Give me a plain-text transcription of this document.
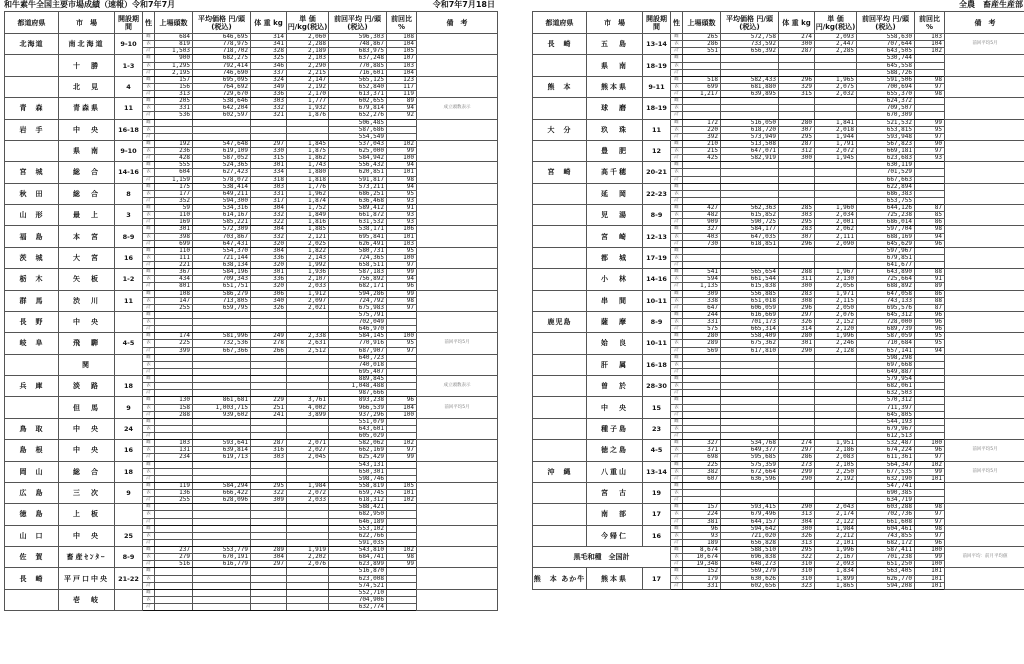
和牛素牛全国主要市場成績（速報）令和7年7月	令和7年7月18日
都道府県	市　場	開設期間	性	上場頭数	平均価格 円/頭(税込)	体 重 kg	単 価 円/kg(税込)	前回平均 円/頭(税込)	前回比 %	備　考
北海道	南北海道	9-10	雌	684	646,695	314	2,060	596,303	108	
			去	819	778,975	341	2,288	748,867	104	
			計	1,503	718,702	328	2,189	683,975	105	
	十　勝	1-3	雌	900	682,275	325	2,103	637,248	107	
			去	1,295	792,414	346	2,290	770,885	103	
			計	2,195	746,690	337	2,215	716,601	104	
	北　見	4	雌	157	695,095	324	2,147	565,125	123	
			去	156	764,692	349	2,192	652,840	117	
			計	313	729,670	336	2,170	613,371	119	
青　森	青森県	11	雌	205	538,646	303	1,777	602,655	89	成立頭数表示
			去	331	642,204	332	1,932	679,814	94	
			計	536	602,597	321	1,876	652,276	92	
岩　手	中　央	16-18	雌					506,485		
			去					587,686		
			計					554,549		
	県　南	9-10	雌	192	547,648	297	1,845	537,043	102	
			去	236	619,109	330	1,875	625,000	99	
			計	428	587,052	315	1,862	584,942	100	
宮　城	総　合	14-16	雌	555	524,365	301	1,743	556,432	94	
			去	604	627,423	334	1,880	620,851	101	
			計	1,159	578,072	318	1,818	591,817	98	
秋　田	総　合	8	雌	175	538,414	303	1,776	573,211	94	
			去	177	649,211	331	1,962	686,251	95	
			計	352	594,300	317	1,874	636,468	93	
山　形	最　上	3	雌	59	534,316	304	1,752	589,412	91	
			去	110	614,167	332	1,849	661,872	93	
			計	169	585,221	322	1,816	631,532	93	
福　島	本　宮	8-9	雌	301	572,309	304	1,885	538,171	106	
			去	398	703,867	332	2,121	695,841	101	
			計	699	647,431	320	2,025	626,491	103	
茨　城	大　宮	16	雌	110	554,370	304	1,822	580,731	95	
			去	111	721,144	336	2,143	724,365	100	
			計	221	638,134	320	1,992	658,511	97	
栃　木	矢　板	1-2	雌	367	584,196	301	1,936	587,183	99	
			去	434	709,343	336	2,107	756,892	94	
			計	801	651,751	320	2,033	682,171	96	
群　馬	渋　川	11	雌	108	586,279	306	1,912	594,286	99	
			去	147	713,805	340	2,097	724,792	98	
			計	255	659,795	326	2,021	675,983	97	
長　野	中　央		雌					575,791		
			去					702,049		
			計					646,970		
岐　阜	飛　騨	4-5	雌	174	581,996	249	2,338	584,145	100	前回平均5月
			去	225	732,536	278	2,631	770,916	95	
			計	399	667,366	266	2,512	687,907	97	
	関		雌					640,723		
			去					740,018		
			計					695,407		
兵　庫	淡　路	18	雌					889,845		成立頭数表示
			去					1,048,488		
			計					987,666		
	但　馬	9	雌	130	861,681	229	3,761	893,238	96	前回平均5月
			去	158	1,003,715	251	4,002	966,539	104	
			計	288	939,602	241	3,899	937,296	100	
鳥　取	中　央	24	雌					551,079		
			去					643,601		
			計					605,029		
島　根	中　央	16	雌	103	593,641	287	2,071	582,062	102	
			去	131	639,814	316	2,027	662,169	97	
			計	234	619,713	303	2,045	625,429	99	
岡　山	総　合	18	雌					543,131		
			去					650,301		
			計					598,746		
広　島	三　次	9	雌	119	584,294	295	1,984	558,819	105	
			去	136	666,422	322	2,072	659,745	101	
			計	255	628,096	309	2,033	618,312	102	
徳　島	上　板		雌					588,421		
			去					682,950		
			計					646,189		
山　口	中　央	25	雌					553,102		
			去					622,766		
			計					591,035		
佐　賀	畜産ｾﾝﾀｰ	8-9	雌	237	553,779	289	1,919	543,810	102	
			去	279	670,191	304	2,202	684,741	98	
			計	516	616,779	297	2,076	623,899	99	
長　崎	平戸口中央	21-22	雌					516,870		
			去					623,008		
			計					574,521		
	壱　岐		雌					552,710		
			去					704,906		
			計					632,774		
全農　畜産生産部
都道府県	市　場	開設期間	性	上場頭数	平均価格 円/頭(税込)	体 重 kg	単 価 円/kg(税込)	前回平均 円/頭(税込)	前回比 %	備　考
長　崎	五　島	13-14	雌	265	572,758	274	2,093	558,630	103	前回平均5月
			去	286	733,592	300	2,447	707,644	104	
			計	551	656,392	287	2,285	643,505	102	
	県　南	18-19	雌					530,744		
			去					645,558		
			計					588,726		
熊　本	熊本県	9-11	雌	518	582,433	296	1,965	591,506	98	
			去	699	681,880	329	2,075	700,694	97	
			計	1,217	639,895	315	2,032	655,370	98	
	球　磨	18-19	雌					624,372		
			去					709,507		
			計					670,309		
大　分	玖　珠	11	雌	172	516,050	280	1,841	521,532	99	
			去	220	618,720	307	2,018	653,815	95	
			計	392	573,949	295	1,944	593,948	97	
	豊　肥	12	雌	210	513,508	287	1,791	567,823	90	
			去	215	647,071	312	2,072	669,181	97	
			計	425	582,919	300	1,945	623,683	93	
宮　崎	高千穂	20-21	雌					630,119		
			去					701,529		
			計					667,663		
	延　岡	22-23	雌					622,894		
			去					686,383		
			計					653,755		
	児　湯	8-9	雌	427	562,363	285	1,960	644,126	87	
			去	482	615,852	303	2,034	725,238	85	
			計	909	590,725	295	2,001	686,014	86	
	宮　崎	12-13	雌	327	584,177	283	2,062	597,704	98	
			去	403	647,035	307	2,111	688,169	94	
			計	730	618,851	296	2,090	645,629	96	
	都　城	17-19	雌					597,967		
			去					679,851		
			計					641,677		
	小　林	14-16	雌	541	565,654	288	1,967	643,890	88	
			去	594	661,544	311	2,130	725,664	91	
			計	1,135	615,838	300	2,056	688,892	89	
	串　間	10-11	雌	309	556,885	283	1,971	647,058	86	
			去	338	651,018	308	2,115	743,133	88	
			計	647	606,059	296	2,050	695,576	87	
鹿児島	薩　摩	8-9	雌	244	616,669	297	2,076	645,312	96	
			去	331	701,173	326	2,152	728,000	96	
			計	575	665,314	314	2,120	689,739	96	
	姶　良	10-11	雌	280	558,409	280	1,996	587,059	95	
			去	289	675,362	301	2,246	710,684	95	
			計	569	617,810	290	2,128	657,141	94	
	肝　属	16-18	雌					598,298		
			去					697,668		
			計					649,887		
	曽　於	28-30	雌					579,954		
			去					682,061		
			計					632,503		
	中　央	15	雌					570,312		
			去					711,397		
			計					645,805		
	種子島	23	雌					544,193		
			去					679,967		
			計					612,513		
	徳之島	4-5	雌	327	534,768	274	1,951	532,487	100	前回平均5月
			去	371	649,377	297	2,186	674,224	96	
			計	698	595,685	286	2,083	611,361	97	
沖　縄	八重山	13-14	雌	225	575,359	273	2,105	564,347	102	前回平均5月
			去	382	672,664	299	2,250	677,535	99	
			計	607	636,596	290	2,192	632,190	101	
	宮　古	19	雌					547,741		
			去					690,385		
			計					634,719		
	南　部	17	雌	157	593,415	290	2,043	603,288	98	
			去	224	679,496	313	2,174	702,736	97	
			計	381	644,157	304	2,122	661,608	97	
	今帰仁	16	雌	96	594,642	300	1,984	604,461	98	
			去	93	721,020	326	2,212	743,855	97	
			計	189	656,828	313	2,101	682,172	96	
黒毛和種　全国計			雌	8,674	588,510	295	1,996	587,411	100	前回平均：前月平均値
			去	10,674	696,838	322	2,167	701,238	99	
			計	19,348	648,273	310	2,093	651,250	100	
熊　本 あか牛	熊本県	17	雌	152	569,279	310	1,834	563,405	101	
			去	179	630,626	310	1,899	626,770	101	
			計	331	602,656	323	1,865	594,208	101	
